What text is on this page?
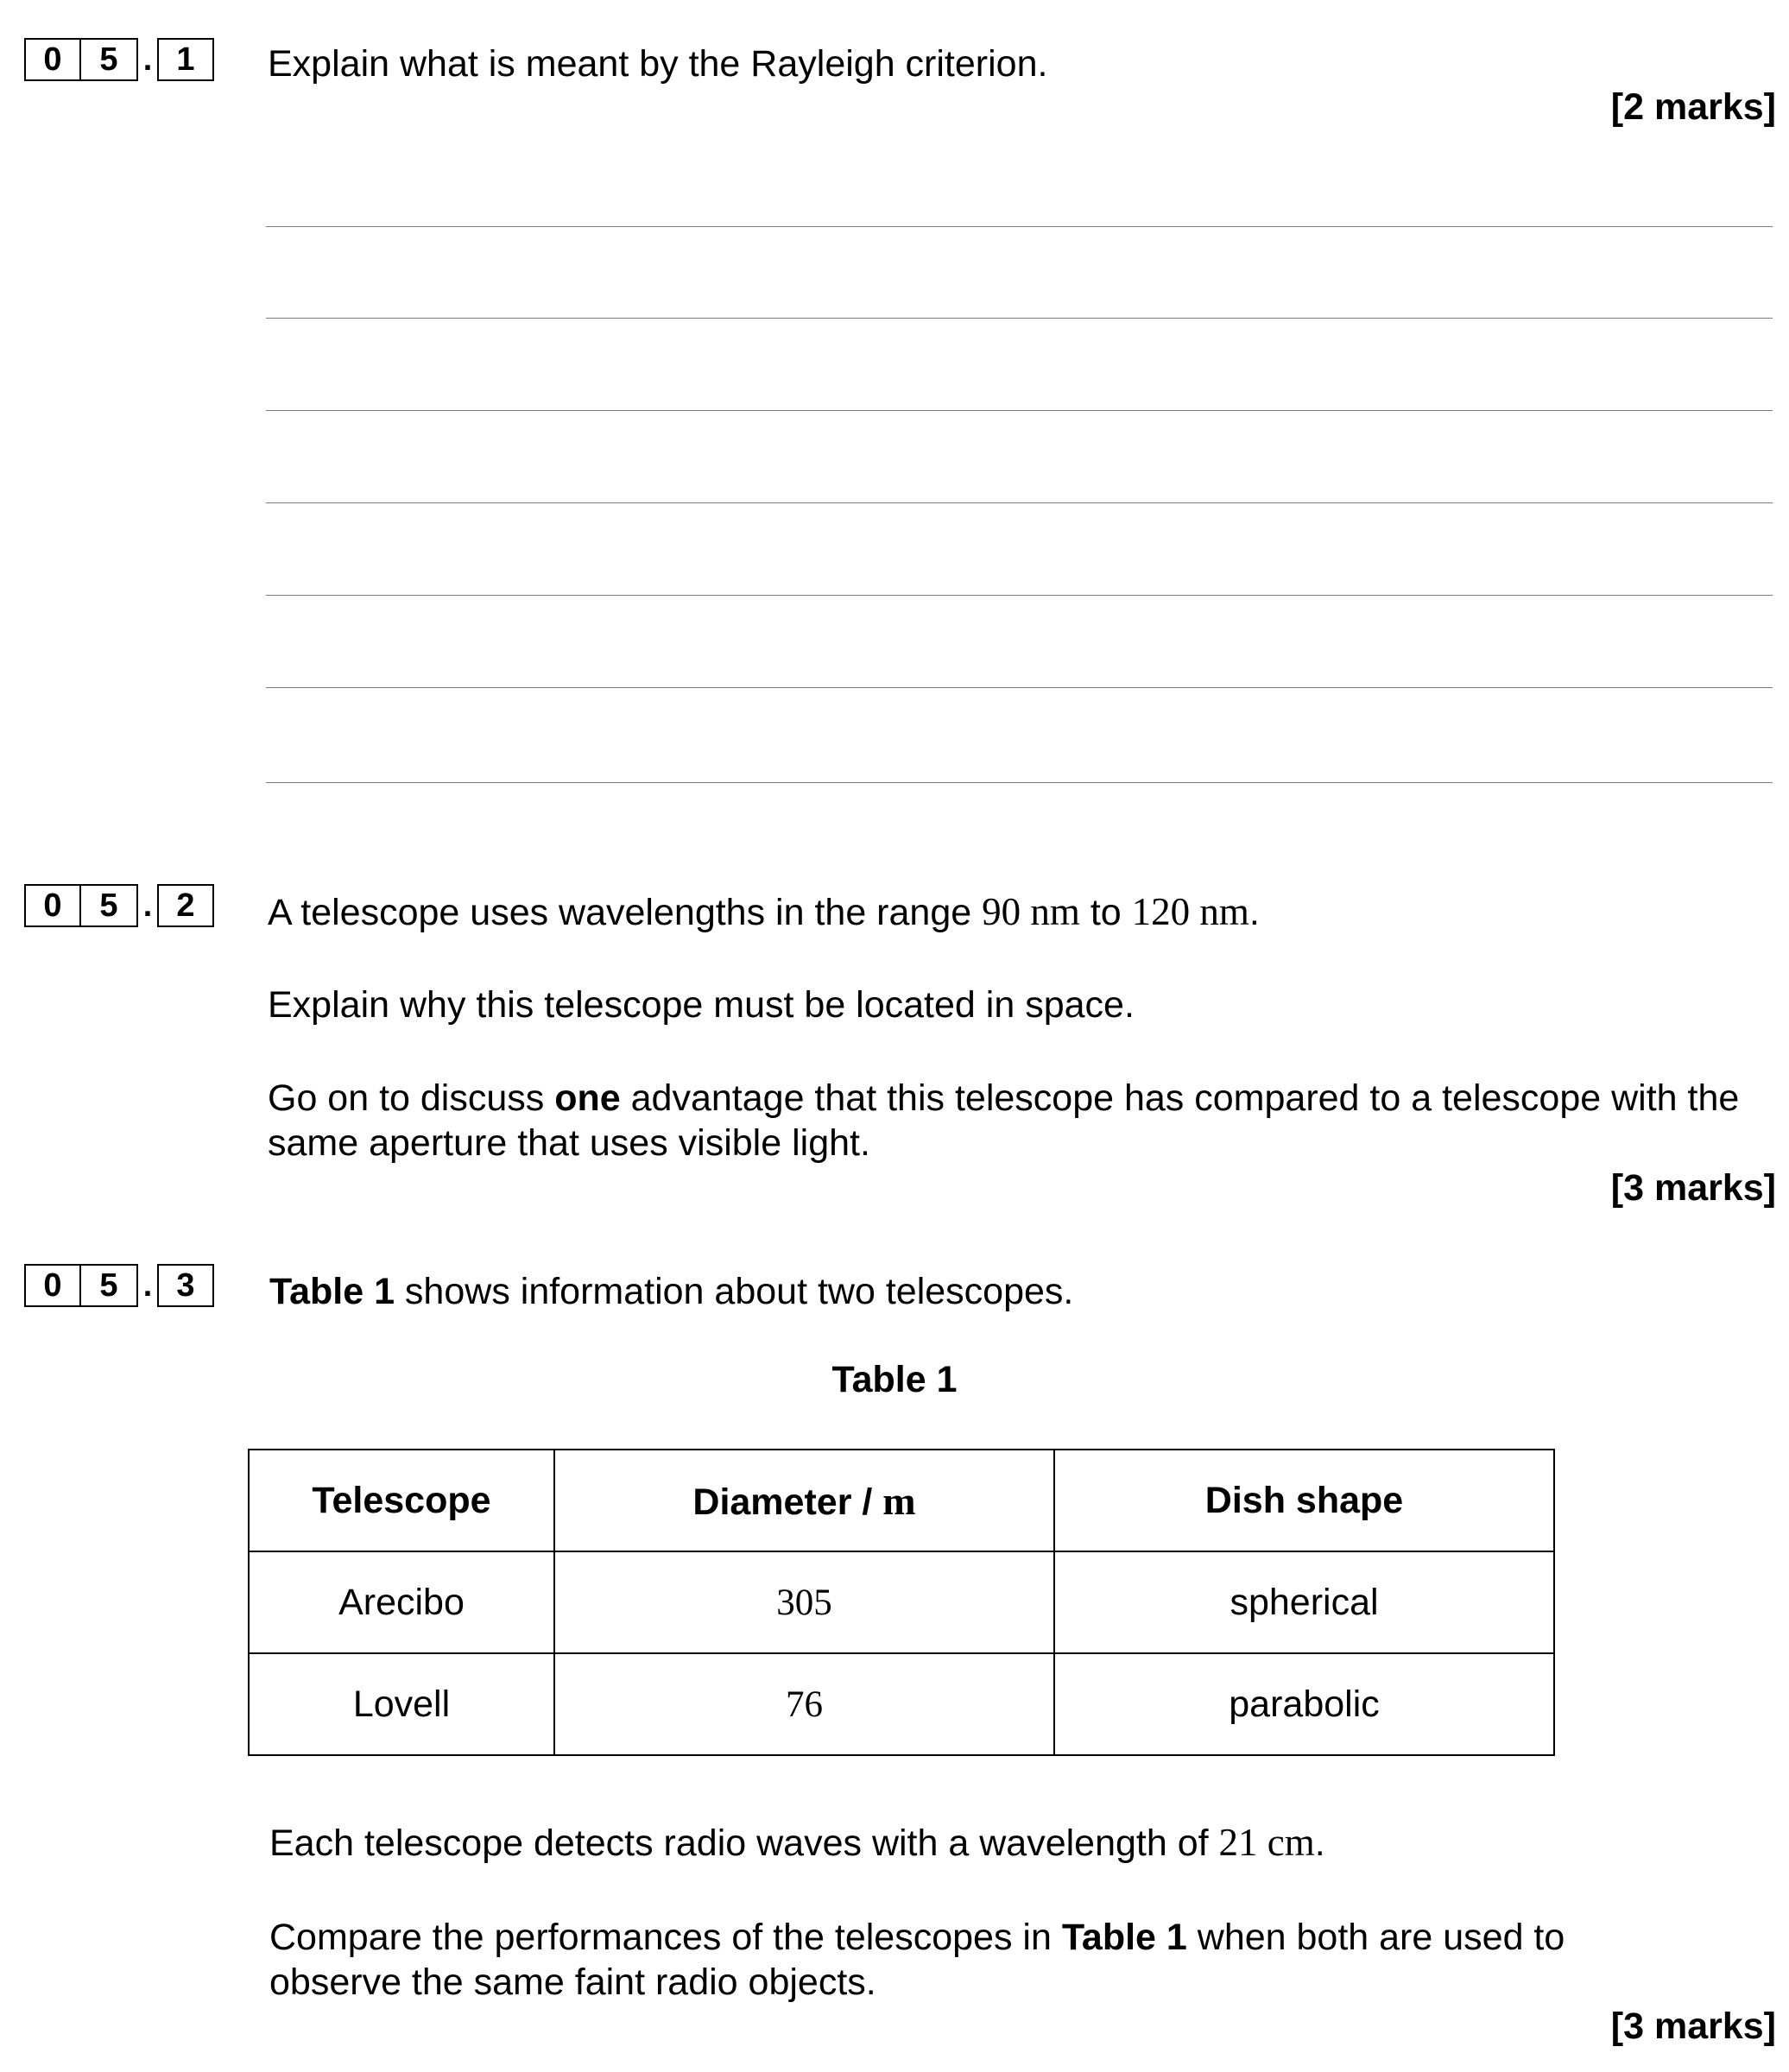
0	5 . 1	Explain what is meant by the Rayleigh criterion.

[2 marks]
0	5 . 2	A telescope uses wavelengths in the range 90 nm to 120 nm.

Explain why this telescope must be located in space.

Go on to discuss one advantage that this telescope has compared to a telescope with the same aperture that uses visible light.

[3 marks]
0	5 . 3	Table 1 shows information about two telescopes.

Table 1
Telescope	Diameter / m	Dish shape
Arecibo	305	spherical
Lovell	76	parabolic

Each telescope detects radio waves with a wavelength of 21 cm.

Compare the performances of the telescopes in Table 1 when both are used to observe the same faint radio objects.

[3 marks]
